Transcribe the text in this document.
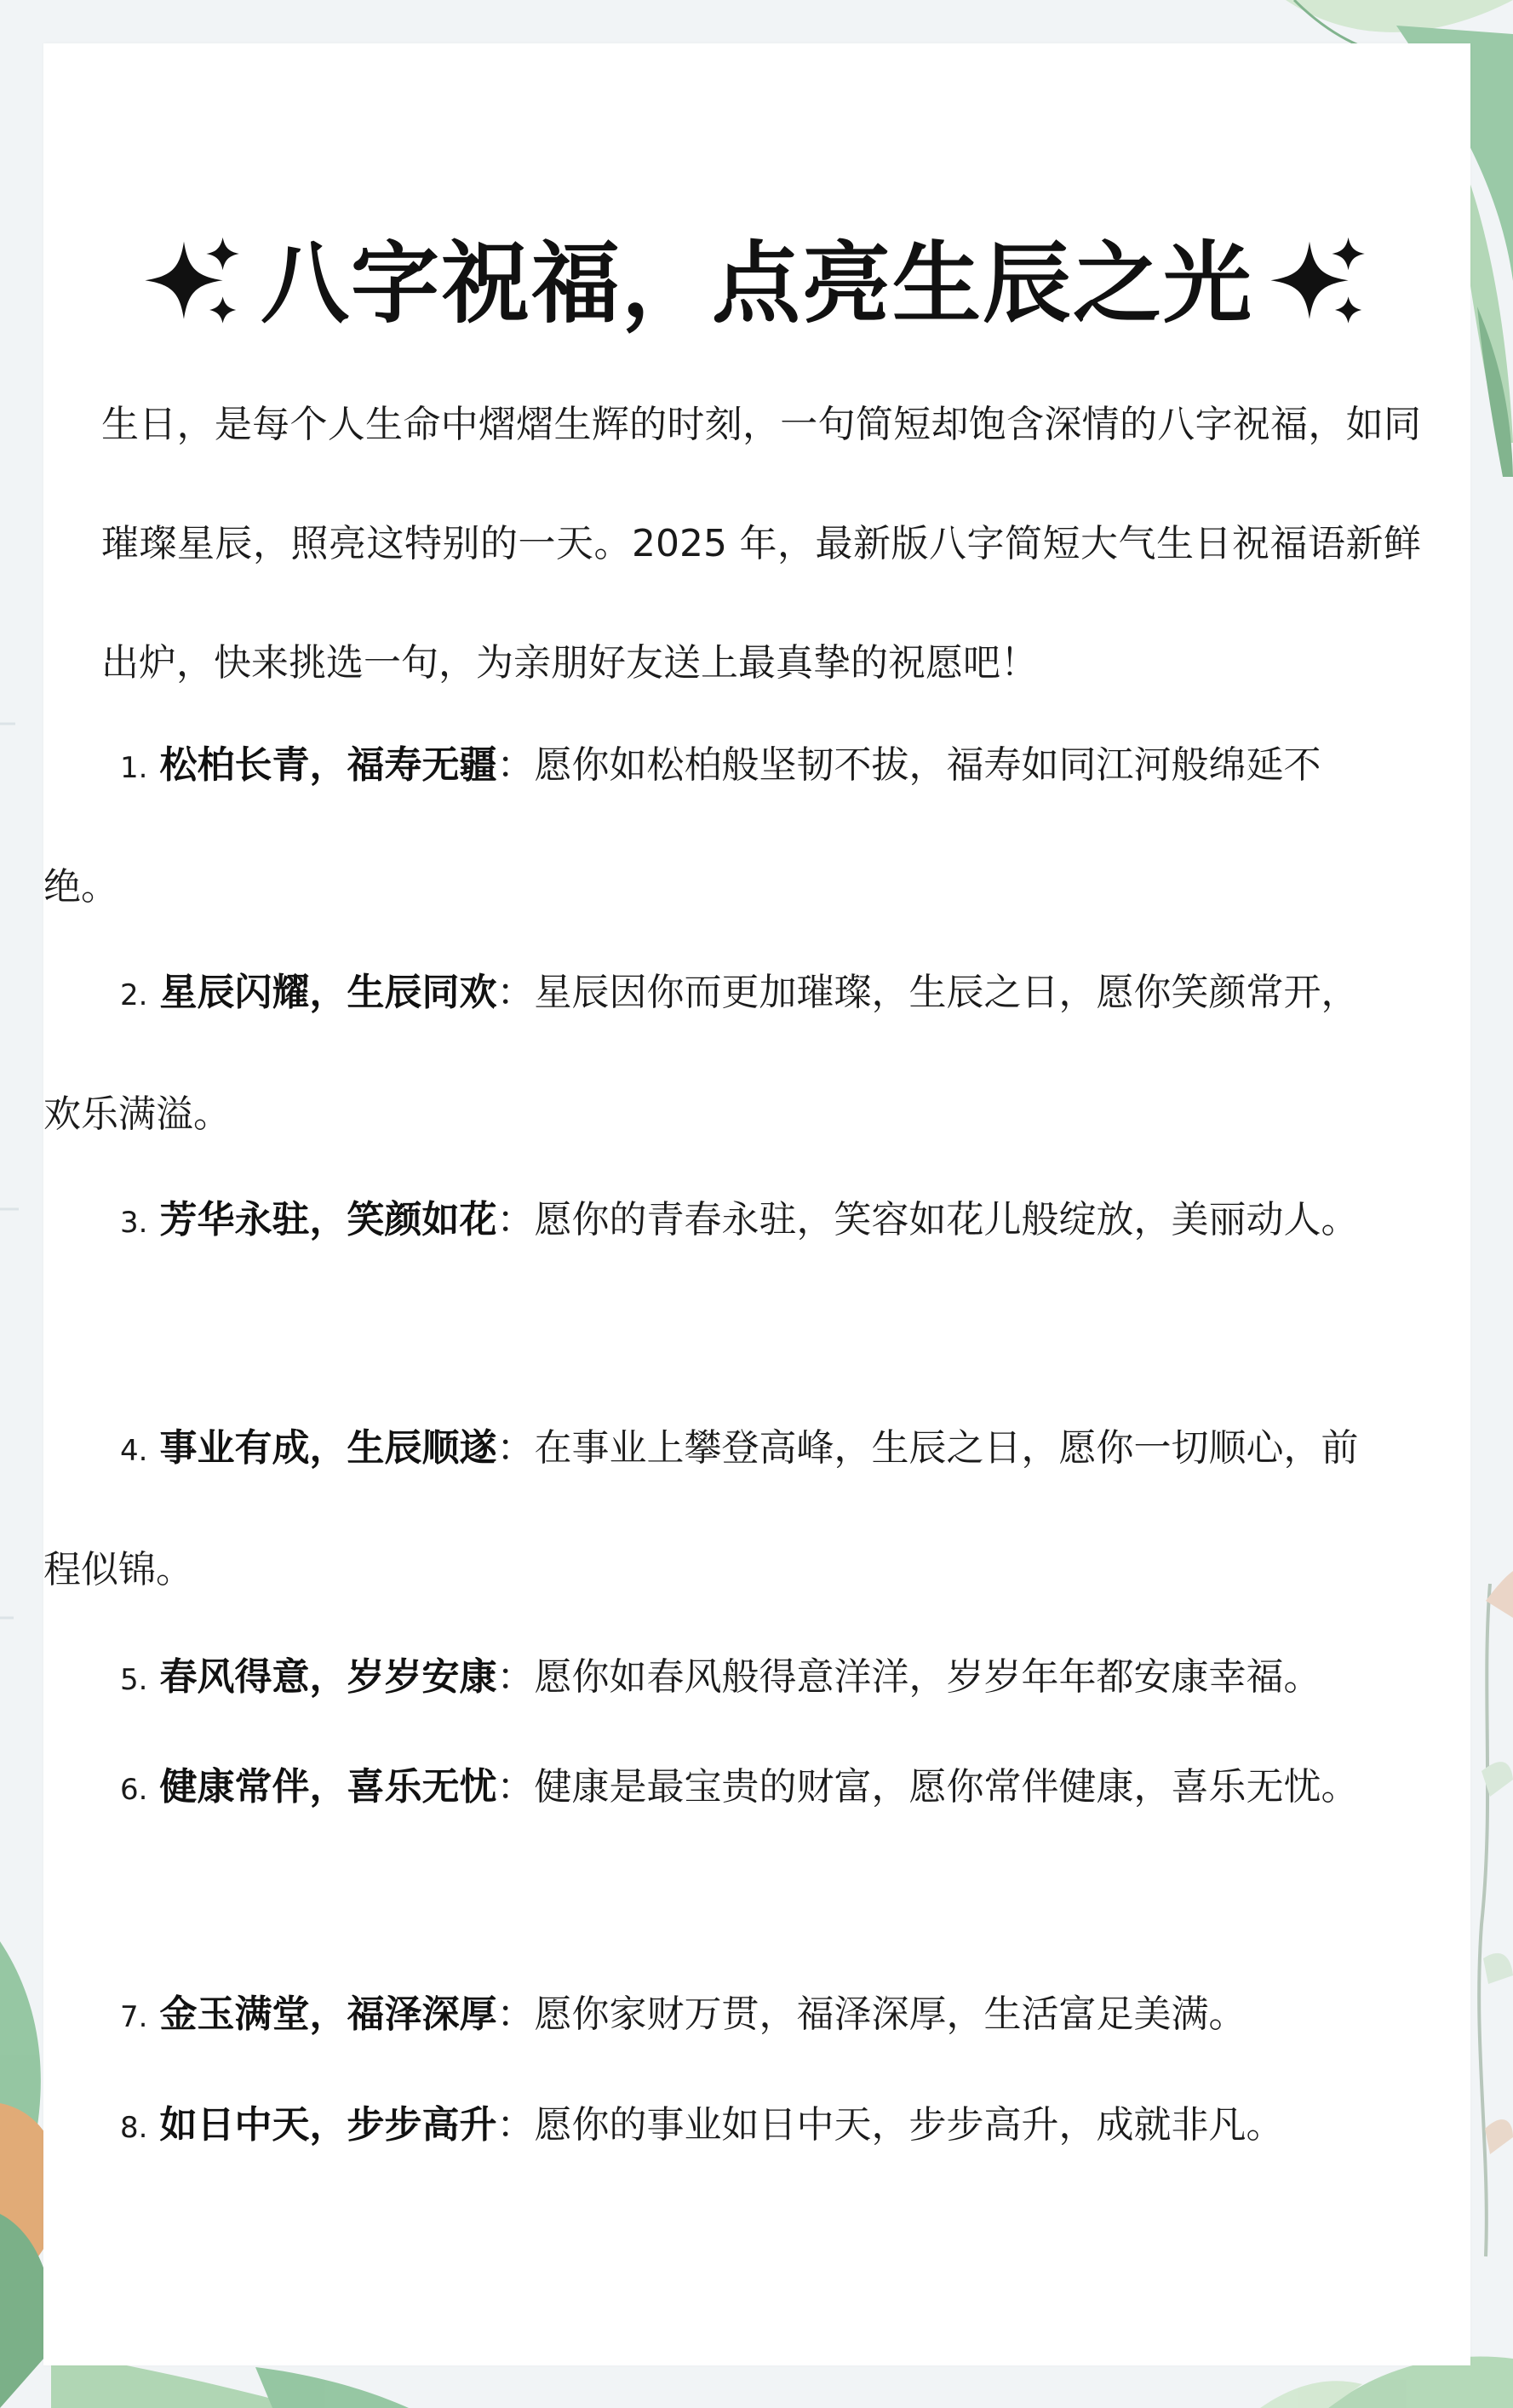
八字祝福，点亮生辰之光

生日，是每个人生命中熠熠生辉的时刻，一句简短却饱含深情的八字祝福，如同璀璨星辰，照亮这特别的一天。2025 年，最新版八字简短大气生日祝福语新鲜出炉，快来挑选一句，为亲朋好友送上最真挚的祝愿吧！

1. 松柏长青，福寿无疆：愿你如松柏般坚韧不拔，福寿如同江河般绵延不绝。

2. 星辰闪耀，生辰同欢：星辰因你而更加璀璨，生辰之日，愿你笑颜常开，欢乐满溢。

3. 芳华永驻，笑颜如花：愿你的青春永驻，笑容如花儿般绽放，美丽动人。

4. 事业有成，生辰顺遂：在事业上攀登高峰，生辰之日，愿你一切顺心，前程似锦。

5. 春风得意，岁岁安康：愿你如春风般得意洋洋，岁岁年年都安康幸福。

6. 健康常伴，喜乐无忧：健康是最宝贵的财富，愿你常伴健康，喜乐无忧。

7. 金玉满堂，福泽深厚：愿你家财万贯，福泽深厚，生活富足美满。

8. 如日中天，步步高升：愿你的事业如日中天，步步高升，成就非凡。
